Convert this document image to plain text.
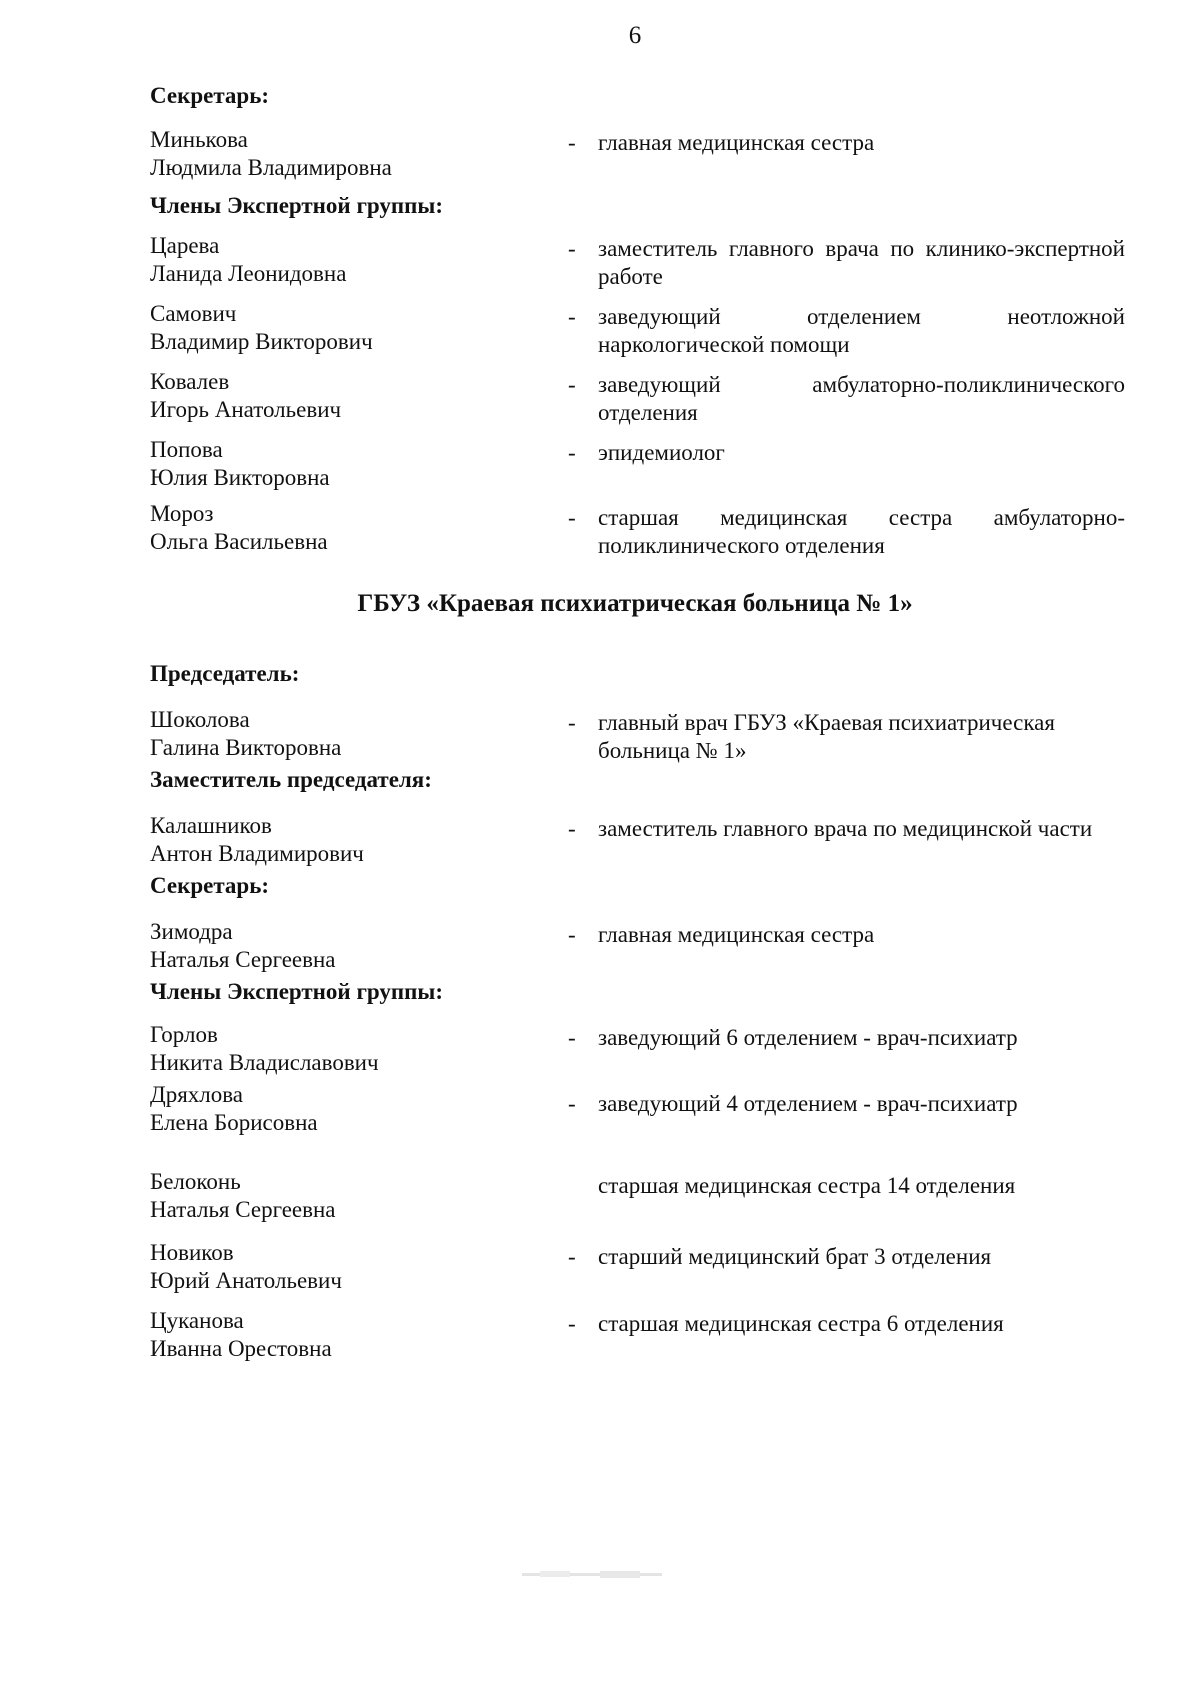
6
Секретарь:
Минькова
Людмила Владимировна
- главная медицинская сестра
Члены Экспертной группы:
Царева
Ланида Леонидовна
- заместитель главного врача по клинико-экспертной работе
Самович
Владимир Викторович
- заведующий отделением неотложной наркологической помощи
Ковалев
Игорь Анатольевич
- заведующий амбулаторно-поликлинического отделения
Попова
Юлия Викторовна
- эпидемиолог
Мороз
Ольга Васильевна
- старшая медицинская сестра амбулаторно-поликлинического отделения
ГБУЗ «Краевая психиатрическая больница № 1»
Председатель:
Шоколова
Галина Викторовна
- главный врач ГБУЗ «Краевая психиатрическая больница № 1»
Заместитель председателя:
Калашников
Антон Владимирович
- заместитель главного врача по медицинской части
Секретарь:
Зимодра
Наталья Сергеевна
- главная медицинская сестра
Члены Экспертной группы:
Горлов
Никита Владиславович
- заведующий 6 отделением - врач-психиатр
Дряхлова
Елена Борисовна
- заведующий 4 отделением - врач-психиатр
Белоконь
Наталья Сергеевна
старшая медицинская сестра 14 отделения
Новиков
Юрий Анатольевич
- старший медицинский брат 3 отделения
Цуканова
Иванна Орестовна
- старшая медицинская сестра 6 отделения
